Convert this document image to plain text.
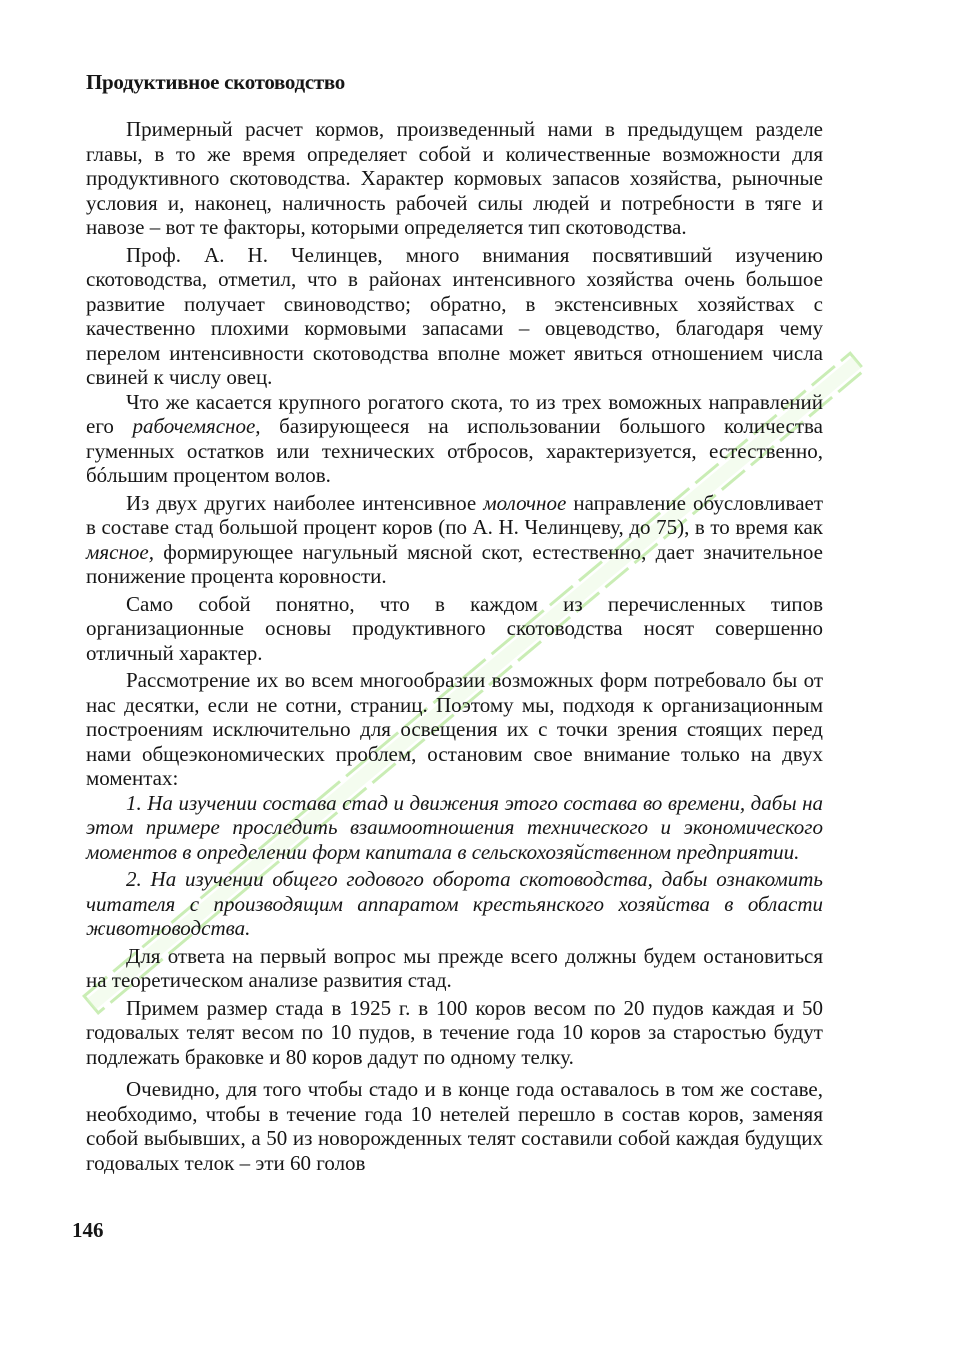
Продуктивное скотоводство

Примерный расчет кормов, произведенный нами в предыдущем разделе главы, в то же время определяет собой и количественные возможности для продуктивного скотоводства. Характер кормовых запасов хозяйства, рыночные условия и, наконец, наличность рабочей силы людей и потребности в тяге и навозе – вот те факторы, которыми определяется тип скотоводства.

Проф. А. Н. Челинцев, много внимания посвятивший изучению скотоводства, отметил, что в районах интенсивного хозяйства очень большое развитие получает свиноводство; обратно, в экстенсивных хозяйствах с качественно плохими кормовыми запасами – овцеводство, благодаря чему перелом интенсивности скотоводства вполне может явиться отношением числа свиней к числу овец.

Что же касается крупного рогатого скота, то из трех воможных направлений его рабочемясное, базирующееся на использовании большого количества гуменных остатков или технических отбросов, характеризуется, естественно, бóльшим процентом волов.

Из двух других наиболее интенсивное молочное направление обусловливает в составе стад большой процент коров (по А. Н. Челинцеву, до 75), в то время как мясное, формирующее нагульный мясной скот, естественно, дает значительное понижение процента коровности.

Само собой понятно, что в каждом из перечисленных типов организационные основы продуктивного скотоводства носят совершенно отличный характер.

Рассмотрение их во всем многообразии возможных форм потребовало бы от нас десятки, если не сотни, страниц. Поэтому мы, подходя к организационным построениям исключительно для освещения их с точки зрения стоящих перед нами общеэкономических проблем, остановим свое внимание только на двух моментах:

1. На изучении состава стад и движения этого состава во времени, дабы на этом примере проследить взаимоотношения технического и экономического моментов в определении форм капитала в сельскохозяйственном предприятии.

2. На изучении общего годового оборота скотоводства, дабы ознакомить читателя с производящим аппаратом крестьянского хозяйства в области животноводства.

Для ответа на первый вопрос мы прежде всего должны будем остановиться на теоретическом анализе развития стад.

Примем размер стада в 1925 г. в 100 коров весом по 20 пудов каждая и 50 годовалых телят весом по 10 пудов, в течение года 10 коров за старостью будут подлежать браковке и 80 коров дадут по одному телку.

Очевидно, для того чтобы стадо и в конце года оставалось в том же составе, необходимо, чтобы в течение года 10 нетелей перешло в состав коров, заменяя собой выбывших, а 50 из новорожденных телят составили собой каждая будущих годовалых телок – эти 60 голов

146
